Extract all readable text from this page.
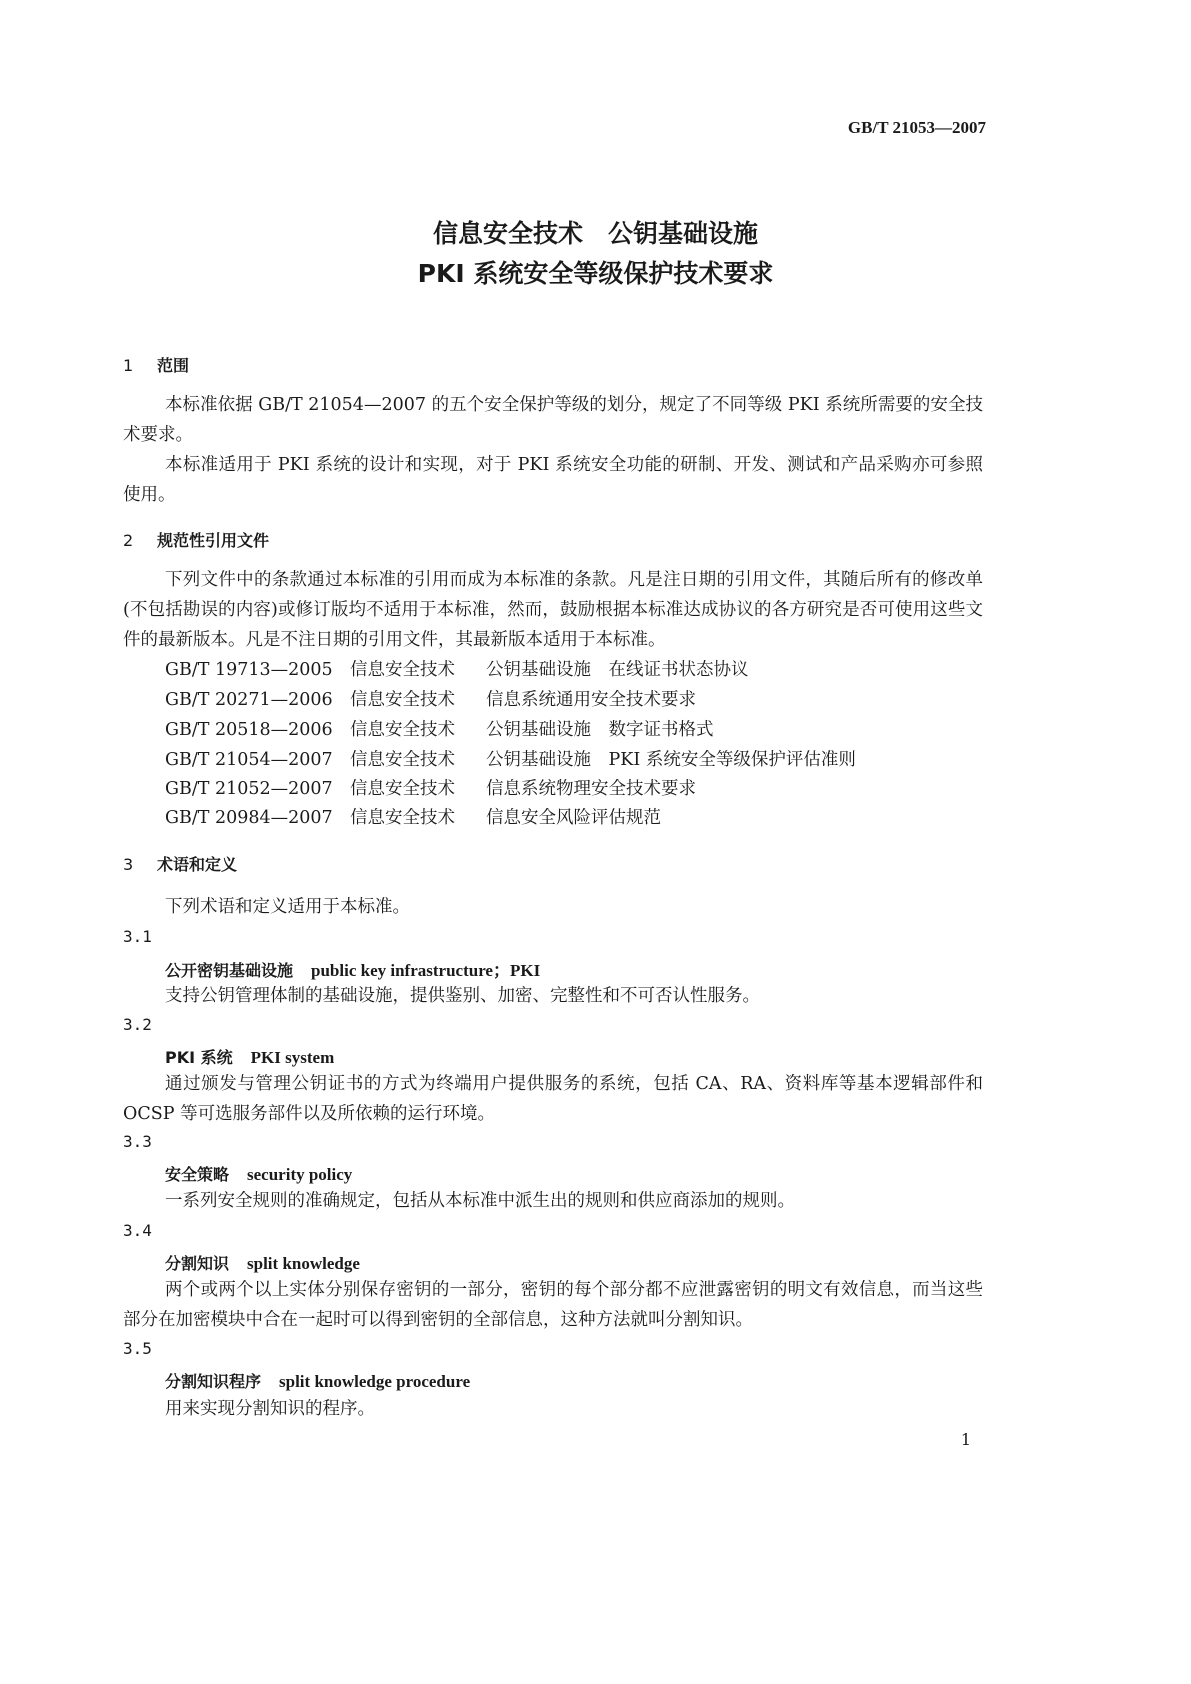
GB/T 21053—2007
信息安全技术　公钥基础设施
PKI 系统安全等级保护技术要求
1 范围
本标准依据 GB/T 21054—2007 的五个安全保护等级的划分，规定了不同等级 PKI 系统所需要的安全技术要求。
本标准适用于 PKI 系统的设计和实现，对于 PKI 系统安全功能的研制、开发、测试和产品采购亦可参照使用。
2 规范性引用文件
下列文件中的条款通过本标准的引用而成为本标准的条款。凡是注日期的引用文件，其随后所有的修改单(不包括勘误的内容)或修订版均不适用于本标准，然而，鼓励根据本标准达成协议的各方研究是否可使用这些文件的最新版本。凡是不注日期的引用文件，其最新版本适用于本标准。
GB/T 19713—2005 信息安全技术 公钥基础设施　在线证书状态协议
GB/T 20271—2006 信息安全技术 信息系统通用安全技术要求
GB/T 20518—2006 信息安全技术 公钥基础设施　数字证书格式
GB/T 21054—2007 信息安全技术 公钥基础设施　PKI 系统安全等级保护评估准则
GB/T 21052—2007 信息安全技术 信息系统物理安全技术要求
GB/T 20984—2007 信息安全技术 信息安全风险评估规范
3 术语和定义
下列术语和定义适用于本标准。
3.1
公开密钥基础设施 public key infrastructure；PKI
支持公钥管理体制的基础设施，提供鉴别、加密、完整性和不可否认性服务。
3.2
PKI 系统 PKI system
通过颁发与管理公钥证书的方式为终端用户提供服务的系统，包括 CA、RA、资料库等基本逻辑部件和 OCSP 等可选服务部件以及所依赖的运行环境。
3.3
安全策略 security policy
一系列安全规则的准确规定，包括从本标准中派生出的规则和供应商添加的规则。
3.4
分割知识 split knowledge
两个或两个以上实体分别保存密钥的一部分，密钥的每个部分都不应泄露密钥的明文有效信息，而当这些部分在加密模块中合在一起时可以得到密钥的全部信息，这种方法就叫分割知识。
3.5
分割知识程序 split knowledge procedure
用来实现分割知识的程序。
1
